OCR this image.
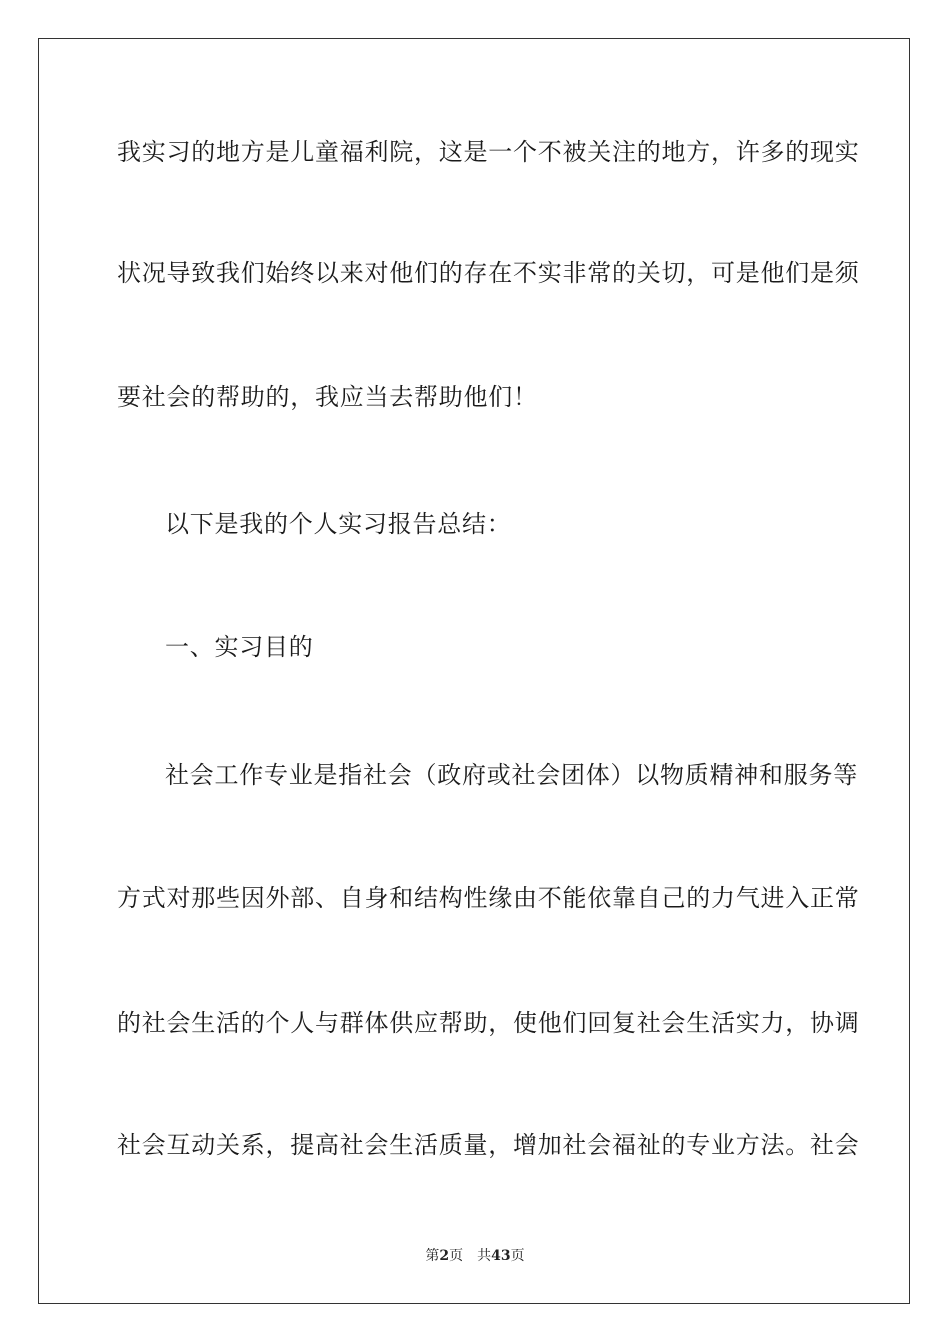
我实习的地方是儿童福利院，这是一个不被关注的地方，许多的现实
状况导致我们始终以来对他们的存在不实非常的关切，可是他们是须
要社会的帮助的，我应当去帮助他们！
以下是我的个人实习报告总结：
一、实习目的
社会工作专业是指社会（政府或社会团体）以物质精神和服务等
方式对那些因外部、自身和结构性缘由不能依靠自己的力气进入正常
的社会生活的个人与群体供应帮助，使他们回复社会生活实力，协调
社会互动关系，提高社会生活质量，增加社会福祉的专业方法。社会
第2页 共43页
